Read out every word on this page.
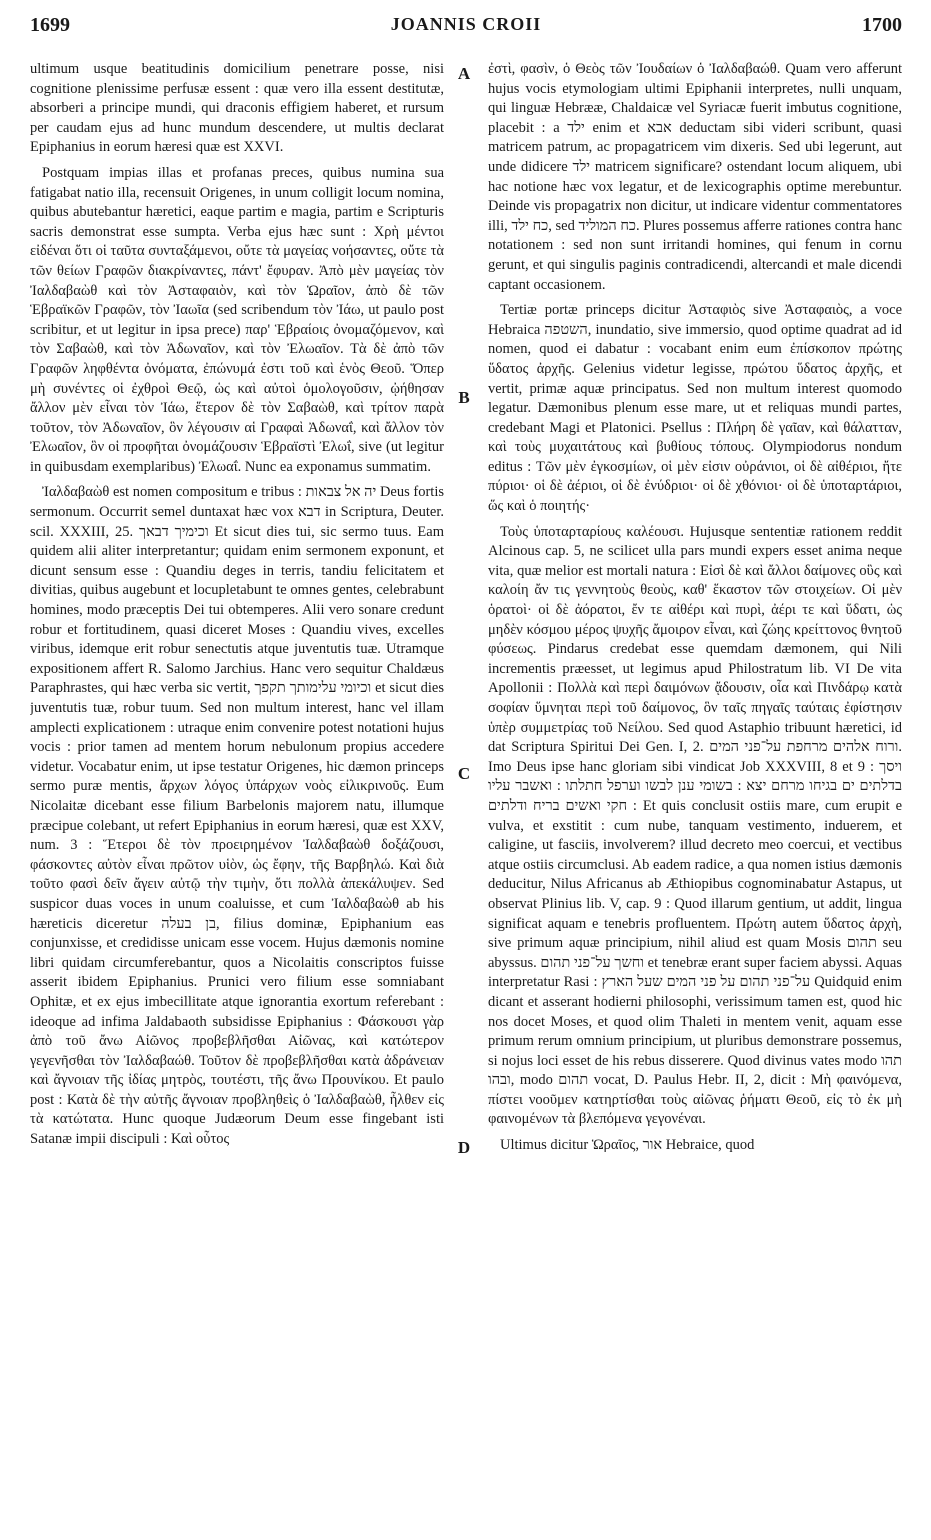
1699	JOANNIS CROII	1700

ultimum usque beatitudinis domicilium penetrare posse, nisi cognitione plenissime perfusæ essent : quæ vero illa essent destitutæ, absorberi a principe mundi, qui draconis effigiem haberet, et rursum per caudam ejus ad hunc mundum descendere, ut multis declarat Epiphanius in eorum hæresi quæ est XXVI.

Postquam impias illas et profanas preces, quibus numina sua fatigabat natio illa, recensuit Origenes, in unum colligit locum nomina, quibus abutebantur hæretici, eaque partim e magia, partim e Scripturis sacris demonstrat esse sumpta. Verba ejus hæc sunt : Χρὴ μέντοι εἰδέναι ὅτι οἱ ταῦτα συνταξάμενοι, οὔτε τὰ μαγείας νοήσαντες, οὔτε τὰ τῶν θείων Γραφῶν διακρίναντες, πάντ' ἔφυραν. Ἀπὸ μὲν μαγείας τὸν Ἰαλδαβαὼθ καὶ τὸν Ἀσταφαιὸν, καὶ τὸν Ὡραῖον, ἀπὸ δὲ τῶν Ἑβραϊκῶν Γραφῶν, τὸν Ἰαωῖα (sed scribendum τὸν Ἰάω, ut paulo post scribitur, et ut legitur in ipsa prece) παρ' Ἑβραίοις ὀνομαζόμενον, καὶ τὸν Σαβαὼθ, καὶ τὸν Ἀδωναῖον, καὶ τὸν Ἐλωαῖον. Τὰ δὲ ἀπὸ τῶν Γραφῶν ληφθέντα ὀνόματα, ἐπώνυμά ἐστι τοῦ καὶ ἑνὸς Θεοῦ. Ὅπερ μὴ συνέντες οἱ ἐχθροὶ Θεῷ, ὡς καὶ αὐτοὶ ὁμολογοῦσιν, ᾠήθησαν ἄλλον μὲν εἶναι τὸν Ἰάω, ἕτερον δὲ τὸν Σαβαὼθ, καὶ τρίτον παρὰ τοῦτον, τὸν Ἀδωναῖον, ὃν λέγουσιν αἱ Γραφαὶ Ἀδωναΐ, καὶ ἄλλον τὸν Ἐλωαῖον, ὃν οἱ προφῆται ὀνομάζουσιν Ἑβραϊστὶ Ἐλωΐ, sive (ut legitur in quibusdam exemplaribus) Ἐλωαΐ. Nunc ea exponamus summatim.

Ἰαλδαβαὼθ est nomen compositum e tribus : יה אל צבאות Deus fortis sermonum. Occurrit semel duntaxat hæc vox דבא in Scriptura, Deuter. scil. XXXIII, 25. וכימיך דבאך Et sicut dies tui, sic sermo tuus. Eam quidem alii aliter interpretantur; quidam enim sermonem exponunt, et dicunt sensum esse : Quandiu deges in terris, tandiu felicitatem et divitias, quibus augebunt et locupletabunt te omnes gentes, celebrabunt homines, modo præceptis Dei tui obtemperes. Alii vero sonare credunt robur et fortitudinem, quasi diceret Moses : Quandiu vives, excelles viribus, idemque erit robur senectutis atque juventutis tuæ. Utramque expositionem affert R. Salomo Jarchius. Hanc vero sequitur Chaldæus Paraphrastes, qui hæc verba sic vertit, וכיומי עלימותך תקפך et sicut dies juventutis tuæ, robur tuum. Sed non multum interest, hanc vel illam amplecti explicationem : utraque enim convenire potest notationi hujus vocis : prior tamen ad mentem horum nebulonum propius accedere videtur. Vocabatur enim, ut ipse testatur Origenes, hic dæmon princeps sermo puræ mentis, ἄρχων λόγος ὑπάρχων νοὸς εἰλικρινοῦς. Eum Nicolaitæ dicebant esse filium Barbelonis majorem natu, illumque præcipue colebant, ut refert Epiphanius in eorum hæresi, quæ est XXV, num. 3 : Ἕτεροι δὲ τὸν προειρημένον Ἰαλδαβαὼθ δοξάζουσι, φάσκοντες αὐτὸν εἶναι πρῶτον υἱὸν, ὡς ἔφην, τῆς Βαρβηλώ. Καὶ διὰ τοῦτο φασὶ δεῖν ἄγειν αὐτῷ τὴν τιμὴν, ὅτι πολλὰ ἀπεκάλυψεν. Sed suspicor duas voces in unum coaluisse, et cum Ἰαλδαβαὼθ ab his hæreticis diceretur בן בעלה, filius dominæ, Epiphanium eas conjunxisse, et credidisse unicam esse vocem. Hujus dæmonis nomine libri quidam circumferebantur, quos a Nicolaitis conscriptos fuisse asserit ibidem Epiphanius. Prunici vero filium esse somniabant Ophitæ, et ex ejus imbecillitate atque ignorantia exortum referebant : ideoque ad infima Jaldabaoth subsidisse Epiphanius : Φάσκουσι γὰρ ἀπὸ τοῦ ἄνω Αἰῶνος προβεβλῆσθαι Αἰῶνας, καὶ κατώτερον γεγενῆσθαι τὸν Ἰαλδαβαώθ. Τοῦτον δὲ προβεβλῆσθαι κατὰ ἀδράνειαν καὶ ἄγνοιαν τῆς ἰδίας μητρὸς, τουτέστι, τῆς ἄνω Προυνίκου. Et paulo post : Κατὰ δὲ τὴν αὐτῆς ἄγνοιαν προβληθεὶς ὁ Ἰαλδαβαὼθ, ἦλθεν εἰς τὰ κατώτατα. Hunc quoque Judæorum Deum esse fingebant isti Satanæ impii discipuli : Καὶ οὗτος

A
B
C
D

ἐστὶ, φασὶν, ὁ Θεὸς τῶν Ἰουδαίων ὁ Ἰαλδαβαώθ. Quam vero afferunt hujus vocis etymologiam ultimi Epiphanii interpretes, nulli unquam, qui linguæ Hebrææ, Chaldaicæ vel Syriacæ fuerit imbutus cognitione, placebit : a ילד enim et אבא deductam sibi videri scribunt, quasi matricem patrum, ac propagatricem vim dixeris. Sed ubi legerunt, aut unde didicere ילד matricem significare? ostendant locum aliquem, ubi hac notione hæc vox legatur, et de lexicographis optime merebuntur. Deinde vis propagatrix non dicitur, ut indicare videntur commentatores illi, כח ילד, sed כח המוליד. Plures possemus afferre rationes contra hanc notationem : sed non sunt irritandi homines, qui fenum in cornu gerunt, et qui singulis paginis contradicendi, altercandi et male dicendi captant occasionem.

Tertiæ portæ princeps dicitur Ἀσταφιὸς sive Ἀσταφαιὸς, a voce Hebraica השטפה, inundatio, sive immersio, quod optime quadrat ad id nomen, quod ei dabatur : vocabant enim eum ἐπίσκοπον πρώτης ὕδατος ἀρχῆς. Gelenius videtur legisse, πρώτου ὕδατος ἀρχῆς, et vertit, primæ aquæ principatus. Sed non multum interest quomodo legatur. Dæmonibus plenum esse mare, ut et reliquas mundi partes, credebant Magi et Platonici. Psellus : Πλήρη δὲ γαῖαν, καὶ θάλατταν, καὶ τοὺς μυχαιτάτους καὶ βυθίους τόπους. Olympiodorus nondum editus : Τῶν μὲν ἐγκοσμίων, οἱ μὲν εἰσιν οὐράνιοι, οἱ δὲ αἰθέριοι, ἤτε πύριοι· οἱ δὲ ἀέριοι, οἱ δὲ ἐνύδριοι· οἱ δὲ χθόνιοι· οἱ δὲ ὑποταρτάριοι, ὥς καὶ ὁ ποιητής·

Τοὺς ὑποταρταρίους καλέουσι. Hujusque sententiæ rationem reddit Alcinous cap. 5, ne scilicet ulla pars mundi expers esset anima neque vita, quæ melior est mortali natura : Εἰσὶ δὲ καὶ ἄλλοι δαίμονες οὓς καὶ καλοίη ἄν τις γεννητοὺς θεοὺς, καθ' ἕκαστον τῶν στοιχείων. Οἱ μὲν ὁρατοὶ· οἱ δὲ ἀόρατοι, ἔν τε αἰθέρι καὶ πυρὶ, ἀέρι τε καὶ ὕδατι, ὡς μηδὲν κόσμου μέρος ψυχῆς ἄμοιρον εἶναι, καὶ ζώης κρείττονος θνητοῦ φύσεως. Pindarus credebat esse quemdam dæmonem, qui Nili incrementis præesset, ut legimus apud Philostratum lib. VI De vita Apollonii : Πολλὰ καὶ περὶ δαιμόνων ᾄδουσιν, οἷα καὶ Πινδάρῳ κατὰ σοφίαν ὕμνηται περὶ τοῦ δαίμονος, ὃν ταῖς πηγαῖς ταύταις ἐφίστησιν ὑπὲρ συμμετρίας τοῦ Νείλου. Sed quod Astaphio tribuunt hæretici, id dat Scriptura Spiritui Dei Gen. I, 2. ורוח אלהים מרחפת על־פני המים. Imo Deus ipse hanc gloriam sibi vindicat Job XXXVIII, 8 et 9 : ויסך בדלתים ים בגיחו מרחם יצא : בשומי ענן לבשו וערפל חתלתו : ואשבר עליו חקי ואשים בריח ודלתים : Et quis conclusit ostiis mare, cum erupit e vulva, et exstitit : cum nube, tanquam vestimento, induerem, et caligine, ut fasciis, involverem? illud decreto meo coercui, et vectibus atque ostiis circumclusi. Ab eadem radice, a qua nomen istius dæmonis deducitur, Nilus Africanus ab Æthiopibus cognominabatur Astapus, ut observat Plinius lib. V, cap. 9 : Quod illarum gentium, ut addit, lingua significat aquam e tenebris profluentem. Πρώτη autem ὕδατος ἀρχὴ, sive primum aquæ principium, nihil aliud est quam Mosis תהום seu abyssus. וחשך על־פני תהום et tenebræ erant super faciem abyssi. Aquas interpretatur Rasi : על־פני תהום על פני המים שעל הארץ Quidquid enim dicant et asserant hodierni philosophi, verissimum tamen est, quod hic nos docet Moses, et quod olim Thaleti in mentem venit, aquam esse primum rerum omnium principium, ut pluribus demonstrare possemus, si nojus loci esset de his rebus disserere. Quod divinus vates modo תהו ובהו, modo תהום vocat, D. Paulus Hebr. II, 2, dicit : Μὴ φαινόμενα, πίστει νοοῦμεν κατηρτίσθαι τοὺς αἰῶνας ῥήματι Θεοῦ, εἰς τὸ ἐκ μὴ φαινομένων τὰ βλεπόμενα γεγονέναι.

Ultimus dicitur Ὡραῖος, אור Hebraice, quod
